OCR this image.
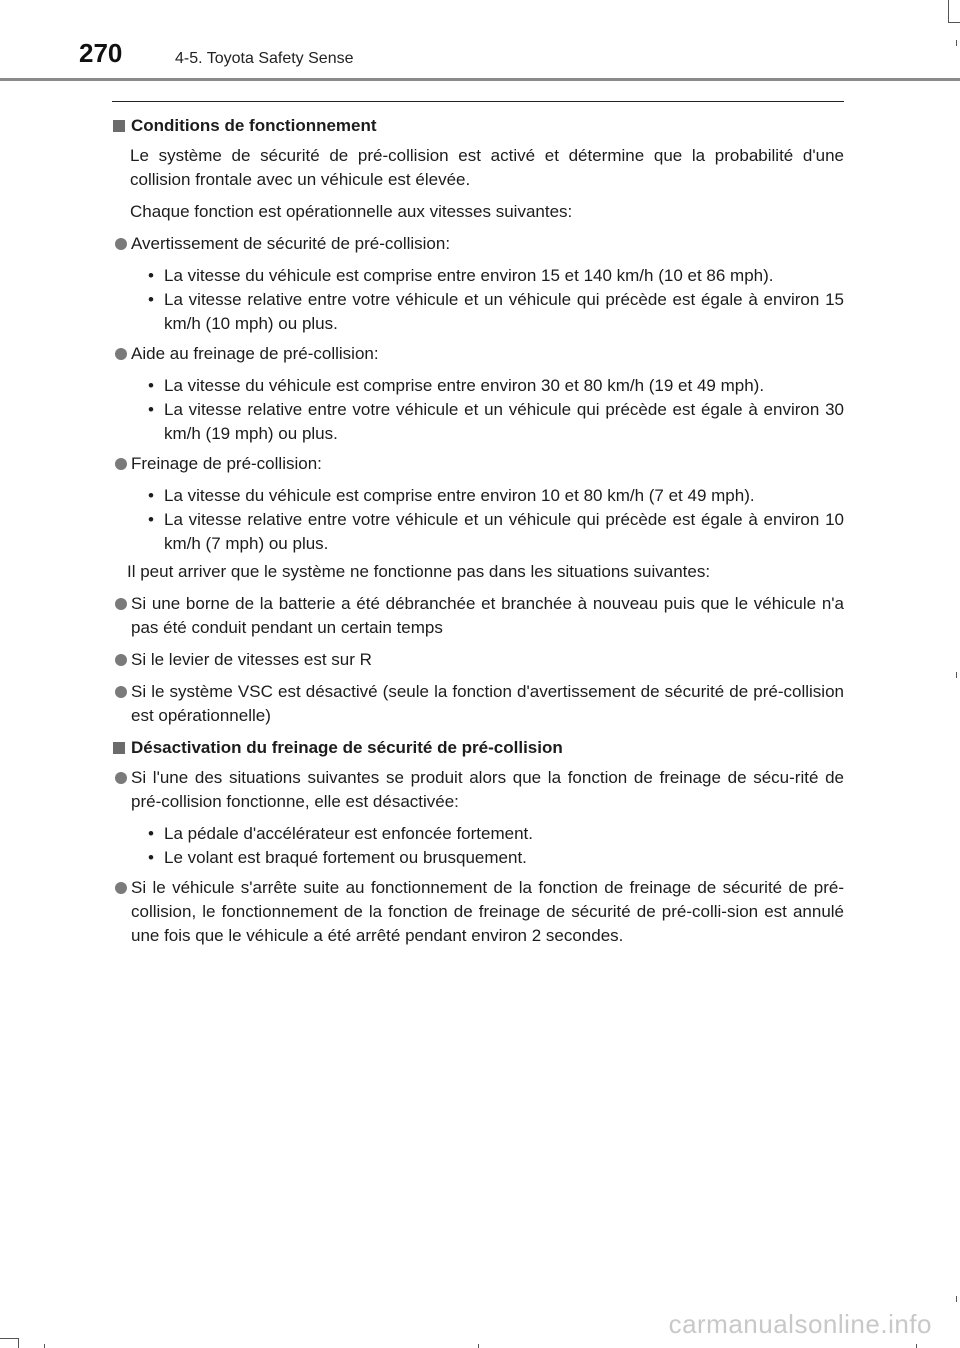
270	4-5. Toyota Safety Sense
Conditions de fonctionnement
Le système de sécurité de pré-collision est activé et détermine que la probabilité d'une collision frontale avec un véhicule est élevée.
Chaque fonction est opérationnelle aux vitesses suivantes:
Avertissement de sécurité de pré-collision:
• La vitesse du véhicule est comprise entre environ 15 et 140 km/h (10 et 86 mph).
• La vitesse relative entre votre véhicule et un véhicule qui précède est égale à environ 15 km/h (10 mph) ou plus.
Aide au freinage de pré-collision:
• La vitesse du véhicule est comprise entre environ 30 et 80 km/h (19 et 49 mph).
• La vitesse relative entre votre véhicule et un véhicule qui précède est égale à environ 30 km/h (19 mph) ou plus.
Freinage de pré-collision:
• La vitesse du véhicule est comprise entre environ 10 et 80 km/h (7 et 49 mph).
• La vitesse relative entre votre véhicule et un véhicule qui précède est égale à environ 10 km/h (7 mph) ou plus.
Il peut arriver que le système ne fonctionne pas dans les situations suivantes:
Si une borne de la batterie a été débranchée et branchée à nouveau puis que le véhicule n'a pas été conduit pendant un certain temps
Si le levier de vitesses est sur R
Si le système VSC est désactivé (seule la fonction d'avertissement de sécurité de pré-collision est opérationnelle)
Désactivation du freinage de sécurité de pré-collision
Si l'une des situations suivantes se produit alors que la fonction de freinage de sécu-rité de pré-collision fonctionne, elle est désactivée:
• La pédale d'accélérateur est enfoncée fortement.
• Le volant est braqué fortement ou brusquement.
Si le véhicule s'arrête suite au fonctionnement de la fonction de freinage de sécurité de pré-collision, le fonctionnement de la fonction de freinage de sécurité de pré-colli-sion est annulé une fois que le véhicule a été arrêté pendant environ 2 secondes.
carmanualsonline.info
